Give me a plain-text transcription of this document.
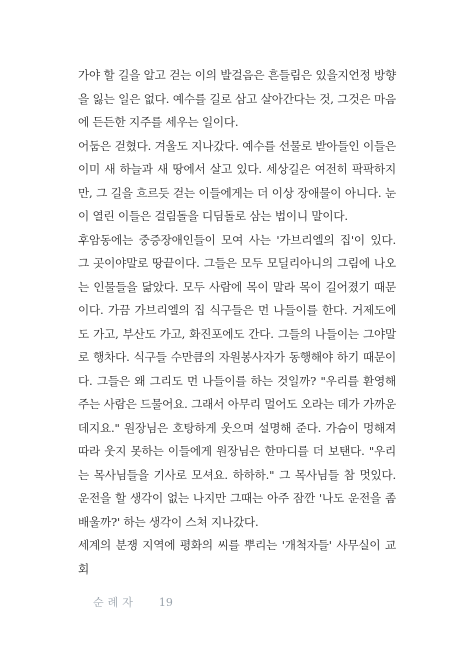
가야 할 길을 알고 걷는 이의 발걸음은 흔들림은 있을지언정 방향을 잃는 일은 없다. 예수를 길로 삼고 살아간다는 것, 그것은 마음에 든든한 지주를 세우는 일이다.

어둠은 걷혔다. 겨울도 지나갔다. 예수를 선물로 받아들인 이들은 이미 새 하늘과 새 땅에서 살고 있다. 세상길은 여전히 팍팍하지만, 그 길을 흐르듯 걷는 이들에게는 더 이상 장애물이 아니다. 눈이 열린 이들은 걸림돌을 디딤돌로 삼는 법이니 말이다.

후암동에는 중증장애인들이 모여 사는 '가브리엘의 집'이 있다. 그 곳이야말로 땅끝이다. 그들은 모두 모딜리아니의 그림에 나오는 인물들을 닮았다. 모두 사람에 목이 말라 목이 길어졌기 때문이다. 가끔 가브리엘의 집 식구들은 먼 나들이를 한다. 거제도에도 가고, 부산도 가고, 화진포에도 간다. 그들의 나들이는 그야말로 행차다. 식구들 수만큼의 자원봉사자가 동행해야 하기 때문이다. 그들은 왜 그리도 먼 나들이를 하는 것일까? "우리를 환영해 주는 사람은 드물어요. 그래서 아무리 멀어도 오라는 데가 가까운 데지요." 원장님은 호탕하게 웃으며 설명해 준다. 가슴이 멍해져 따라 웃지 못하는 이들에게 원장님은 한마디를 더 보탠다. "우리는 목사님들을 기사로 모셔요. 하하하." 그 목사님들 참 멋있다. 운전을 할 생각이 없는 나지만 그때는 아주 잠깐 '나도 운전을 좀 배울까?' 하는 생각이 스쳐 지나갔다.

세계의 분쟁 지역에 평화의 씨를 뿌리는 '개척자들' 사무실이 교회

순례자 19
